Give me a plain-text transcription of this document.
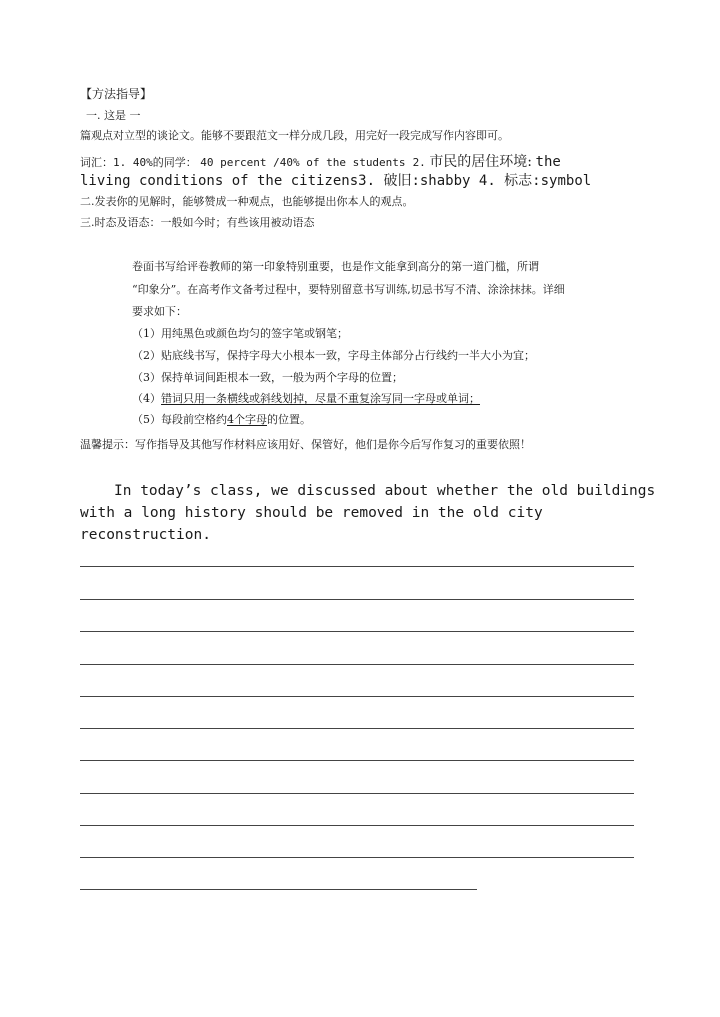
【方法指导】
一. 这是 一
篇观点对立型的谈论文。能够不要跟范文一样分成几段，用完好一段完成写作内容即可。
词汇：1. 40%的同学： 40 percent /40% of the students 2. 市民的居住环境: the
living conditions of the citizens3. 破旧:shabby 4. 标志:symbol
二.发表你的见解时，能够赞成一种观点，也能够提出你本人的观点。
三.时态及语态：一般如今时；有些该用被动语态
卷面书写给评卷教师的第一印象特别重要，也是作文能拿到高分的第一道门槛，所谓
“印象分”。在高考作文备考过程中，要特别留意书写训练,切忌书写不清、涂涂抹抹。详细
要求如下：
（1）用纯黑色或颜色均匀的签字笔或钢笔；
（2）贴底线书写，保持字母大小根本一致，字母主体部分占行线约一半大小为宜；
（3）保持单词间距根本一致，一般为两个字母的位置；
（4）错词只用一条横线或斜线划掉，尽量不重复涂写同一字母或单词；
（5）每段前空格约4个字母的位置。
温馨提示：写作指导及其他写作材料应该用好、保管好，他们是你今后写作复习的重要依照！
In today’s class, we discussed about whether the old buildings
with a long history should be removed in the old city
reconstruction.
